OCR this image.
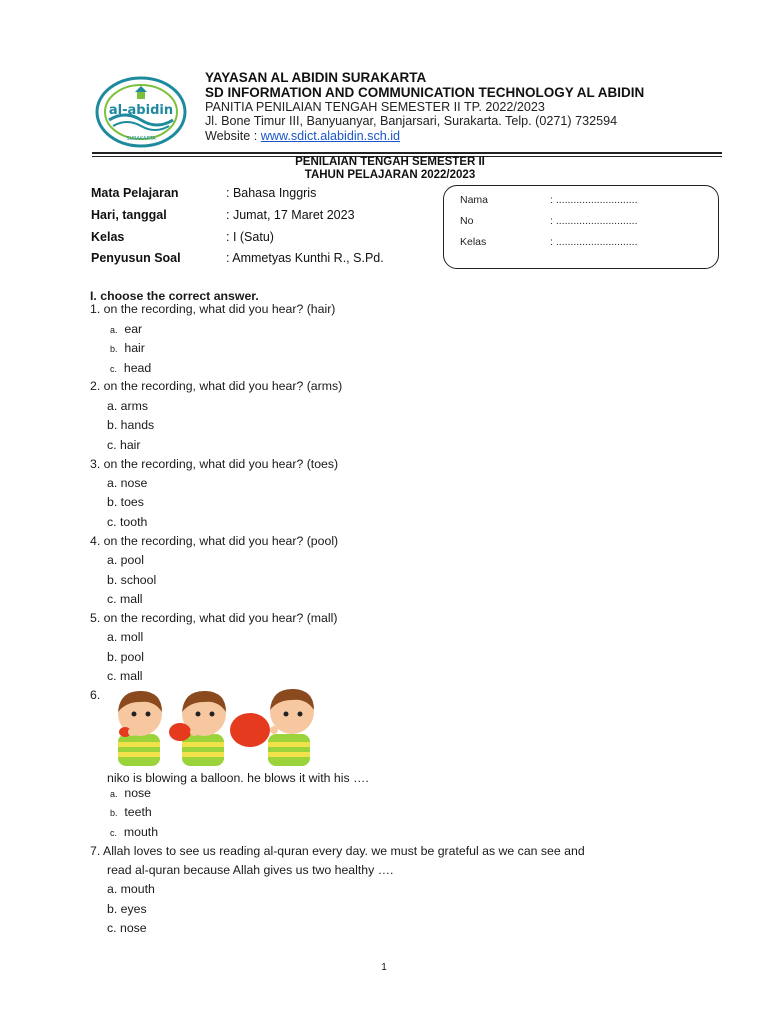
al-abidin
SURAKARTA
YAYASAN AL ABIDIN SURAKARTA
SD INFORMATION AND COMMUNICATION TECHNOLOGY AL ABIDIN
PANITIA PENILAIAN TENGAH SEMESTER II TP. 2022/2023
Jl. Bone Timur III, Banyuanyar, Banjarsari, Surakarta. Telp. (0271) 732594
Website : www.sdict.alabidin.sch.id
PENILAIAN TENGAH SEMESTER II
TAHUN PELAJARAN 2022/2023
Mata Pelajaran	: Bahasa Inggris
Hari, tanggal	: Jumat, 17 Maret 2023
Kelas	: I (Satu)
Penyusun Soal	: Ammetyas Kunthi R., S.Pd.
Nama	: ............................
No	: ............................
Kelas	: ............................
I. choose the correct answer.
1. on the recording, what did you hear? (hair)
a. ear
b. hair
c. head
2. on the recording, what did you hear? (arms)
a. arms
b. hands
c. hair
3. on the recording, what did you hear? (toes)
a. nose
b. toes
c. tooth
4. on the recording, what did you hear? (pool)
a. pool
b. school
c. mall
5. on the recording, what did you hear? (mall)
a. moll
b. pool
c. mall
6.
niko is blowing a balloon. he blows it with his ….
a. nose
b. teeth
c. mouth
7. Allah loves to see us reading al-quran every day. we must be grateful as we can see and
read al-quran because Allah gives us two healthy ….
a. mouth
b. eyes
c. nose
1
